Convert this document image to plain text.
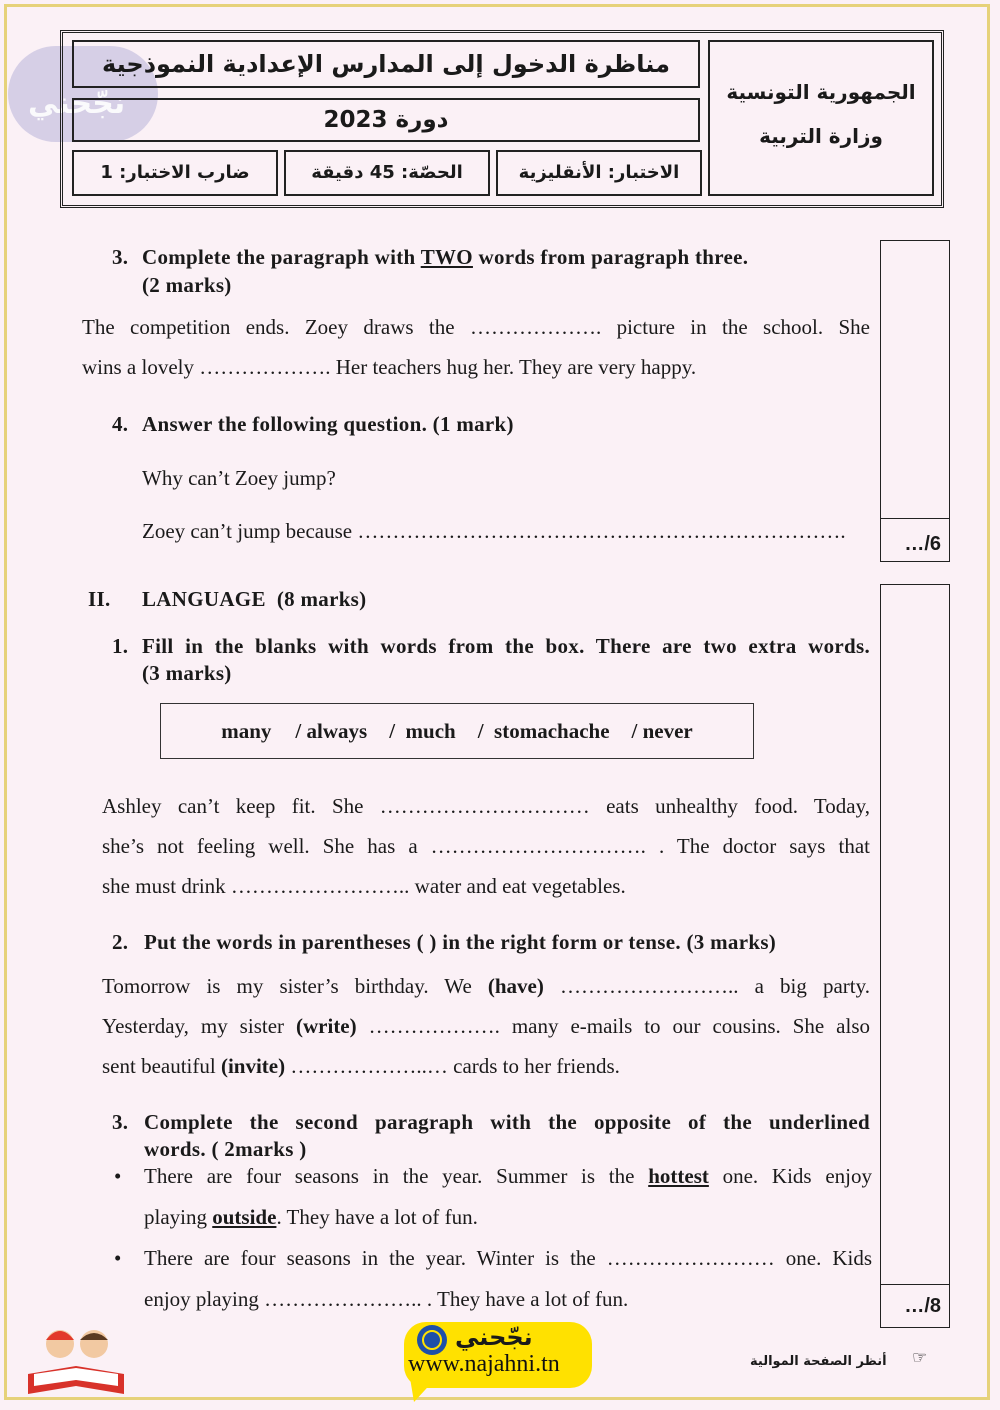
نجّحني
مناظرة الدخول إلى المدارس الإعدادية النموذجية
دورة 2023
ضارب الاختبار: 1	الحصّة: 45 دقيقة	الاختبار: الأنقليزية
الجمهورية التونسية
وزارة التربية
…/6
…/8
3. Complete the paragraph with TWO words from paragraph three.
(2 marks)
The competition ends. Zoey draws the ………………. picture in the school. She
wins a lovely ………………. Her teachers hug her. They are very happy.
4. Answer the following question. (1 mark)
Why can’t Zoey jump?
Zoey can’t jump because …………………………………………………………….
II. LANGUAGE  (8 marks)
1. Fill in the blanks with words from the box. There are two extra words.
(3 marks)
many / always /  much /  stomachache / never
Ashley can’t keep fit. She ………………………… eats unhealthy food. Today,
she’s not feeling well. She has a …………………………. . The doctor says that
she must drink …………………….. water and eat vegetables.
2. Put the words in parentheses ( ) in the right form or tense. (3 marks)
Tomorrow is my sister’s birthday. We (have) …………………….. a big party.
Yesterday, my sister (write) ………………. many e-mails to our cousins. She also
sent beautiful (invite) ………………..… cards to her friends.
3. Complete the second paragraph with the opposite of the underlined
words. ( 2marks )
• There are four seasons in the year. Summer is the hottest one. Kids enjoy
playing outside. They have a lot of fun.
• There are four seasons in the year. Winter is the …………………… one. Kids
enjoy playing ………………….. . They have a lot of fun.
نجّحني
www.najahni.tn	أنظر الصفحة الموالية ☞
